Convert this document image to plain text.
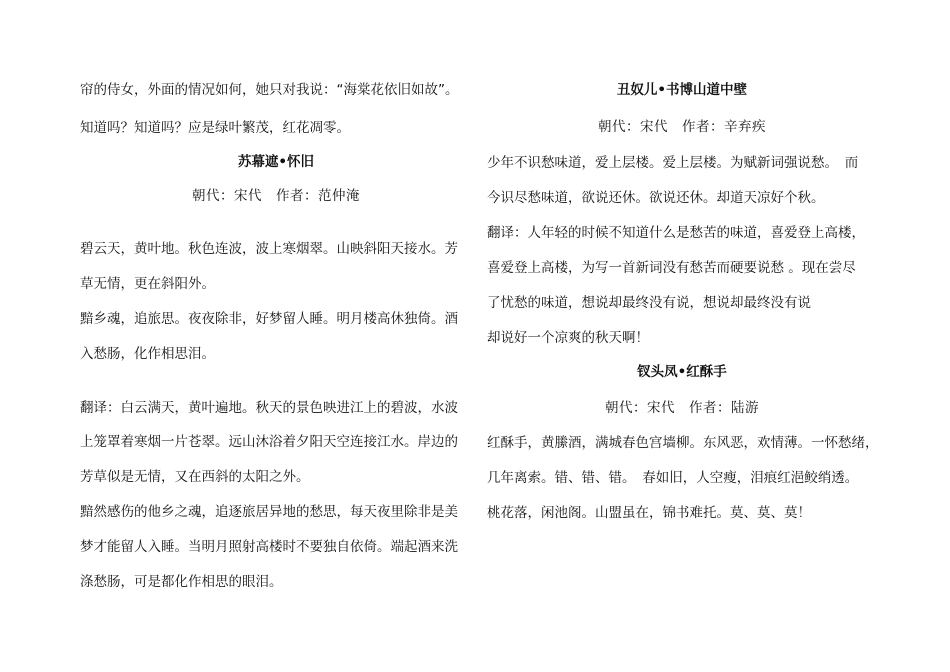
帘的侍女，外面的情况如何，她只对我说：“海棠花依旧如故”。
知道吗？知道吗？应是绿叶繁茂，红花凋零。
苏幕遮•怀旧
朝代：宋代　作者：范仲淹
碧云天，黄叶地。秋色连波，波上寒烟翠。山映斜阳天接水。芳
草无情，更在斜阳外。
黯乡魂，追旅思。夜夜除非，好梦留人睡。明月楼高休独倚。酒
入愁肠，化作相思泪。
翻译：白云满天，黄叶遍地。秋天的景色映进江上的碧波，水波
上笼罩着寒烟一片苍翠。远山沐浴着夕阳天空连接江水。岸边的
芳草似是无情，又在西斜的太阳之外。
黯然感伤的他乡之魂，追逐旅居异地的愁思，每天夜里除非是美
梦才能留人入睡。当明月照射高楼时不要独自依倚。端起酒来洗
涤愁肠，可是都化作相思的眼泪。
丑奴儿•书博山道中壁
朝代：宋代　作者：辛弃疾
少年不识愁味道，爱上层楼。爱上层楼。为赋新词强说愁。　而
今识尽愁味道，欲说还休。欲说还休。却道天凉好个秋。
翻译：人年轻的时候不知道什么是愁苦的味道，喜爱登上高楼，
喜爱登上高楼，为写一首新词没有愁苦而硬要说愁 。现在尝尽
了忧愁的味道，想说却最终没有说，想说却最终没有说
却说好一个凉爽的秋天啊！
钗头凤•红酥手
朝代：宋代　作者：陆游
红酥手，黄縢酒，满城春色宫墙柳。东风恶，欢情薄。一怀愁绪，
几年离索。错、错、错。　春如旧，人空瘦，泪痕红浥鲛绡透。
桃花落，闲池阁。山盟虽在，锦书难托。莫、莫、莫！
